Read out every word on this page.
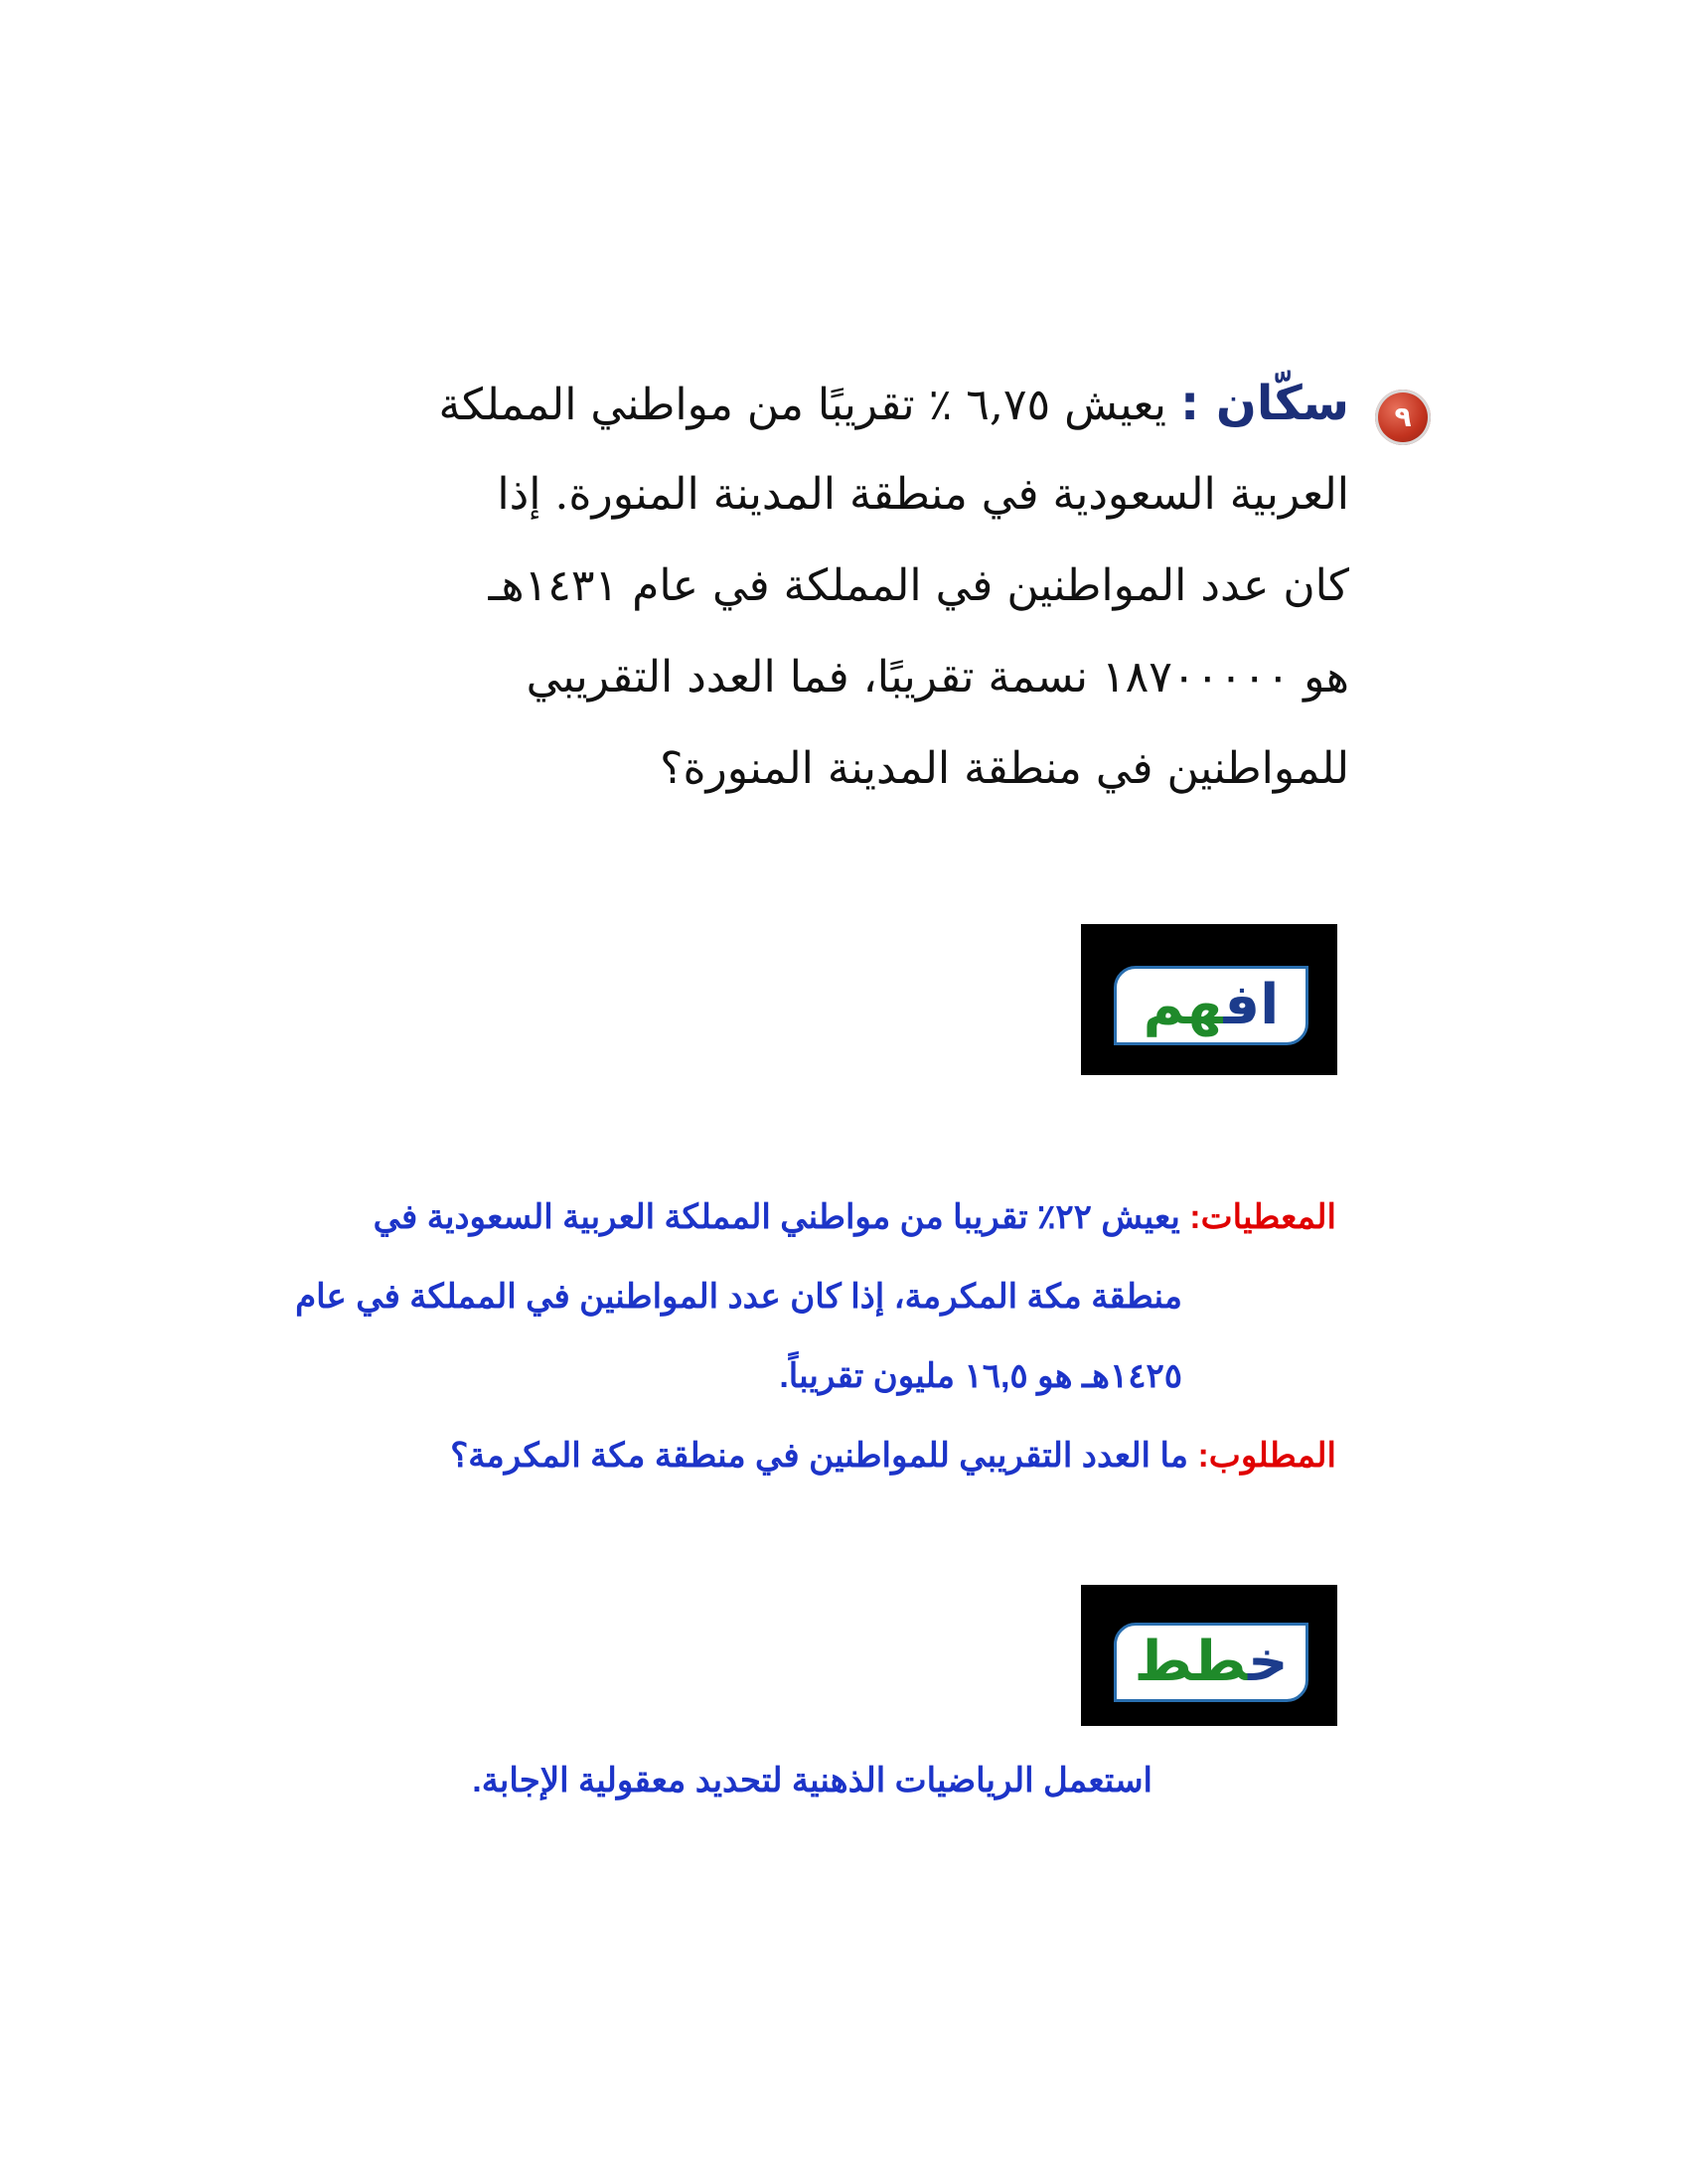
٩
سكّان : يعيش ٦,٧٥ ٪ تقريبًا من مواطني المملكة
العربية السعودية في منطقة المدينة المنورة. إذا
كان عدد المواطنين في المملكة في عام ١٤٣١هـ
هو ١٨٧٠٠٠٠٠ نسمة تقريبًا، فما العدد التقريبي
للمواطنين في منطقة المدينة المنورة؟
افهم
المعطيات: يعيش ٢٢٪ تقريبا من مواطني المملكة العربية السعودية في
منطقة مكة المكرمة، إذا كان عدد المواطنين في المملكة في عام
١٤٢٥هـ هو ١٦,٥ مليون تقريباً.
المطلوب: ما العدد التقريبي للمواطنين في منطقة مكة المكرمة؟
خطط
استعمل الرياضيات الذهنية لتحديد معقولية الإجابة.
